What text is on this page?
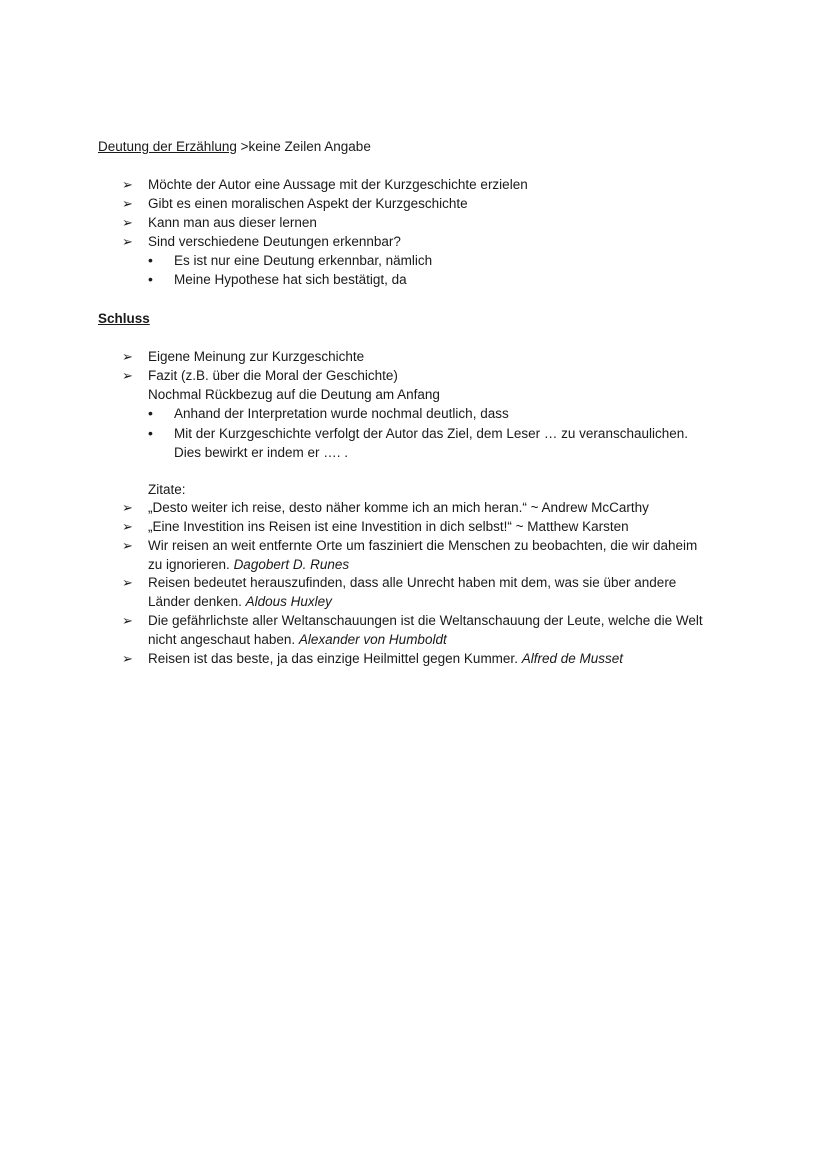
Deutung der Erzählung >keine Zeilen Angabe
➢ Möchte der Autor eine Aussage mit der Kurzgeschichte erzielen
➢ Gibt es einen moralischen Aspekt der Kurzgeschichte
➢ Kann man aus dieser lernen
➢ Sind verschiedene Deutungen erkennbar?
• Es ist nur eine Deutung erkennbar, nämlich
• Meine Hypothese hat sich bestätigt, da
Schluss
➢ Eigene Meinung zur Kurzgeschichte
➢ Fazit (z.B. über die Moral der Geschichte)
Nochmal Rückbezug auf die Deutung am Anfang
• Anhand der Interpretation wurde nochmal deutlich, dass
• Mit der Kurzgeschichte verfolgt der Autor das Ziel, dem Leser … zu veranschaulichen.
Dies bewirkt er indem er …. .
Zitate:
➢ „Desto weiter ich reise, desto näher komme ich an mich heran.“ ~ Andrew McCarthy
➢ „Eine Investition ins Reisen ist eine Investition in dich selbst!“ ~ Matthew Karsten
➢ Wir reisen an weit entfernte Orte um fasziniert die Menschen zu beobachten, die wir daheim
zu ignorieren. Dagobert D. Runes
➢ Reisen bedeutet herauszufinden, dass alle Unrecht haben mit dem, was sie über andere
Länder denken. Aldous Huxley
➢ Die gefährlichste aller Weltanschauungen ist die Weltanschauung der Leute, welche die Welt
nicht angeschaut haben. Alexander von Humboldt
➢ Reisen ist das beste, ja das einzige Heilmittel gegen Kummer. Alfred de Musset
